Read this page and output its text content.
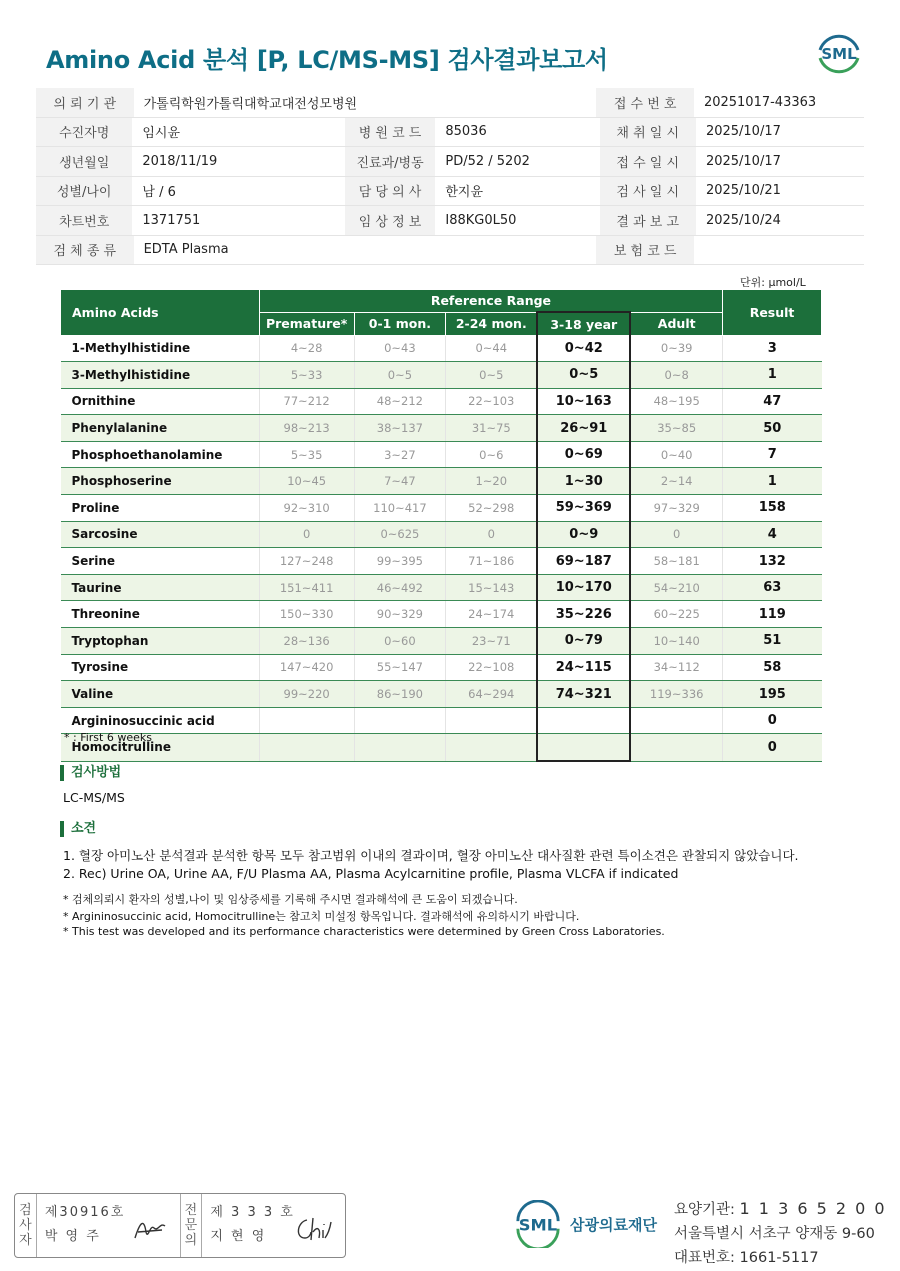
Amino Acid 분석 [P, LC/MS-MS] 검사결과보고서	SML
의 뢰 기 관	가톨릭학원가톨릭대학교대전성모병원	접 수 번 호	20251017-43363
수진자명	임시윤	병 원 코 드	85036	채 취 일 시	2025/10/17
생년월일	2018/11/19	진료과/병동	PD/52 / 5202	접 수 일 시	2025/10/17
성별/나이	남 / 6	담 당 의 사	한지윤	검 사 일 시	2025/10/21
차트번호	1371751	임 상 정 보	I88KG0L50	결 과 보 고	2025/10/24
검 체 종 류	EDTA Plasma	보 험 코 드
단위: μmol/L
Amino Acids	Reference Range					Result
	Premature*	0-1 mon.	2-24 mon.	3-18 year	Adult	
1-Methylhistidine	4~28	0~43	0~44	0~42	0~39	3
3-Methylhistidine	5~33	0~5	0~5	0~5	0~8	1
Ornithine	77~212	48~212	22~103	10~163	48~195	47
Phenylalanine	98~213	38~137	31~75	26~91	35~85	50
Phosphoethanolamine	5~35	3~27	0~6	0~69	0~40	7
Phosphoserine	10~45	7~47	1~20	1~30	2~14	1
Proline	92~310	110~417	52~298	59~369	97~329	158
Sarcosine	0	0~625	0	0~9	0	4
Serine	127~248	99~395	71~186	69~187	58~181	132
Taurine	151~411	46~492	15~143	10~170	54~210	63
Threonine	150~330	90~329	24~174	35~226	60~225	119
Tryptophan	28~136	0~60	23~71	0~79	10~140	51
Tyrosine	147~420	55~147	22~108	24~115	34~112	58
Valine	99~220	86~190	64~294	74~321	119~336	195
Argininosuccinic acid						0
Homocitrulline						0
* : First 6 weeks
검사방법
LC-MS/MS
소견
1. 혈장 아미노산 분석결과 분석한 항목 모두 참고범위 이내의 결과이며, 혈장 아미노산 대사질환 관련 특이소견은 관찰되지 않았습니다.
2. Rec) Urine OA, Urine AA, F/U Plasma AA, Plasma Acylcarnitine profile, Plasma VLCFA if indicated
* 검체의뢰시 환자의 성별,나이 및 임상증세를 기록해 주시면 결과해석에 큰 도움이 되겠습니다.
* Argininosuccinic acid, Homocitrulline는 참고치 미설정 항목입니다. 결과해석에 유의하시기 바랍니다.
* This test was developed and its performance characteristics were determined by Green Cross Laboratories.
검
사
자
제30916호
박 영 주
전
문
의
제 3 3 3 호
지 현 영
SML 삼광의료재단
요양기관: 1 1 3 6 5 2 0 0
서울특별시 서초구 양재동 9-60
대표번호: 1661-5117
